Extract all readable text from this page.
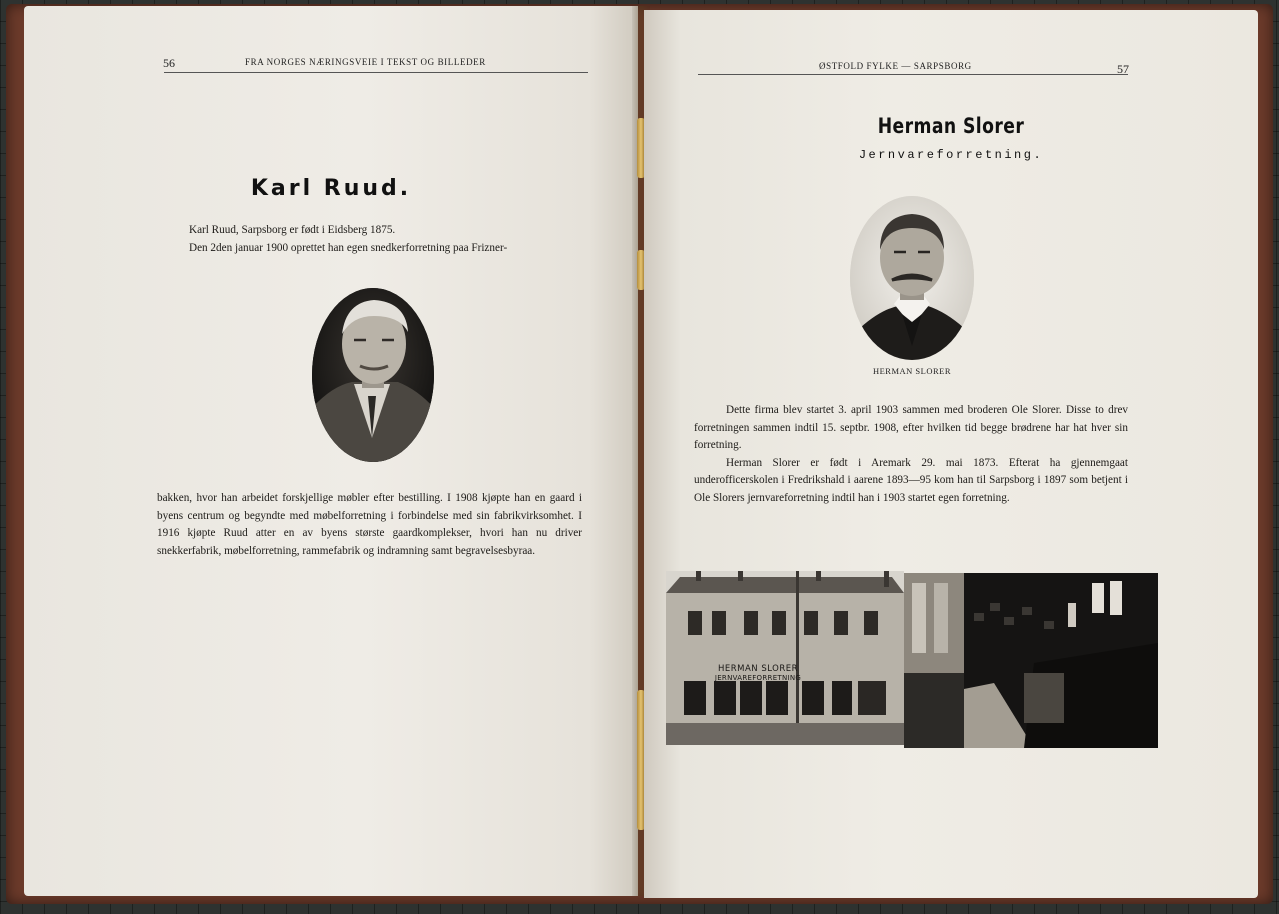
56	FRA NORGES NÆRINGSVEIE I TEKST OG BILLEDER
Karl Ruud.

Karl Ruud, Sarpsborg er født i Eidsberg 1875.

Den 2den januar 1900 oprettet han egen snedkerforretning paa Frizner-

bakken, hvor han arbeidet forskjellige møbler efter bestilling. I 1908 kjøpte han en gaard i byens centrum og begyndte med møbelforretning i forbindelse med sin fabrikvirksomhet. I 1916 kjøpte Ruud atter en av byens største gaardkomplekser, hvori han nu driver snekkerfabrik, møbelforretning, rammefabrik og indramning samt begravelsesbyraa.
ØSTFOLD FYLKE — SARPSBORG	57
Herman Slorer
Jernvareforretning.
HERMAN SLORER

Dette firma blev startet 3. april 1903 sammen med broderen Ole Slorer. Disse to drev forretningen sammen indtil 15. septbr. 1908, efter hvilken tid begge brødrene har hat hver sin forretning.

Herman Slorer er født i Aremark 29. mai 1873. Efterat ha gjennemgaat underofficerskolen i Fredrikshald i aarene 1893—95 kom han til Sarpsborg i 1897 som betjent i Ole Slorers jernvareforretning indtil han i 1903 startet egen forretning.

HERMAN SLORER
JERNVAREFORRETNING
